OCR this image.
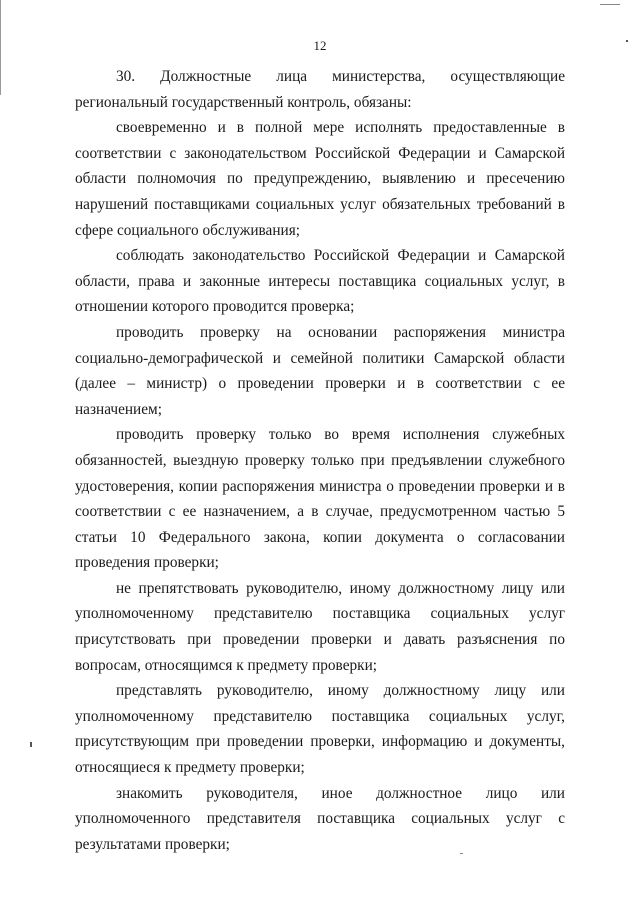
12

30. Должностные лица министерства, осуществляющие региональный государственный контроль, обязаны:

своевременно и в полной мере исполнять предоставленные в соответствии с законодательством Российской Федерации и Самарской области полномочия по предупреждению, выявлению и пресечению нарушений поставщиками социальных услуг обязательных требований в сфере социального обслуживания;

соблюдать законодательство Российской Федерации и Самарской области, права и законные интересы поставщика социальных услуг, в отношении которого проводится проверка;

проводить проверку на основании распоряжения министра социально-демографической и семейной политики Самарской области (далее – министр) о проведении проверки и в соответствии с ее назначением;

проводить проверку только во время исполнения служебных обязанностей, выездную проверку только при предъявлении служебного удостоверения, копии распоряжения министра о проведении проверки и в соответствии с ее назначением, а в случае, предусмотренном частью 5 статьи 10 Федерального закона, копии документа о согласовании проведения проверки;

не препятствовать руководителю, иному должностному лицу или уполномоченному представителю поставщика социальных услуг присутствовать при проведении проверки и давать разъяснения по вопросам, относящимся к предмету проверки;

представлять руководителю, иному должностному лицу или уполномоченному представителю поставщика социальных услуг, присутствующим при проведении проверки, информацию и документы, относящиеся к предмету проверки;

знакомить руководителя, иное должностное лицо или уполномоченного представителя поставщика социальных услуг с результатами проверки;
